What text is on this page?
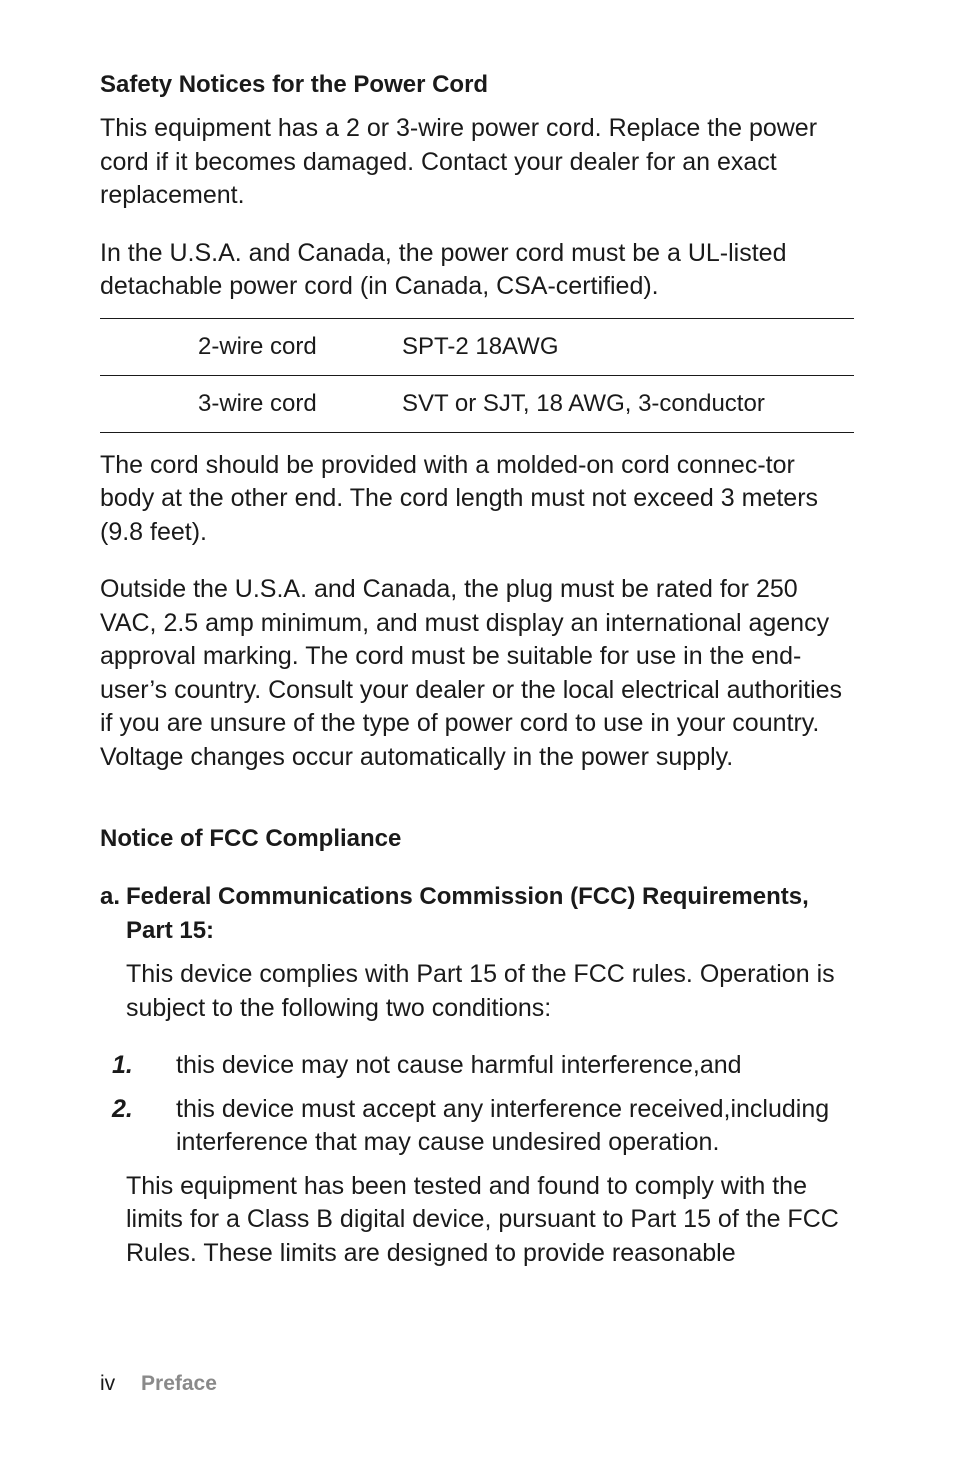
Safety Notices for the Power Cord

This equipment has a 2 or 3-wire power cord. Replace the power cord if it becomes damaged. Contact your dealer for an exact replacement.

In the U.S.A. and Canada, the power cord must be a UL-listed detachable power cord (in Canada, CSA-certified).

2-wire cord	SPT-2 18AWG
3-wire cord	SVT or SJT, 18 AWG, 3-conductor

The cord should be provided with a molded-on cord connec-tor body at the other end. The cord length must not exceed 3 meters (9.8 feet).

Outside the U.S.A. and Canada, the plug must be rated for 250 VAC, 2.5 amp minimum, and must display an international agency approval marking. The cord must be suitable for use in the end-user’s country. Consult your dealer or the local electrical authorities if you are unsure of the type of power cord to use in your country. Voltage changes occur automatically in the power supply.

Notice of FCC Compliance
a. Federal Communications Commission (FCC) Requirements, Part 15:

This device complies with Part 15 of the FCC rules. Operation is subject to the following two conditions:

1.	this device may not cause harmful interference,and
2.	this device must accept any interference received,including interference that may cause undesired operation.

This equipment has been tested and found to comply with the limits for a Class B digital device, pursuant to Part 15 of the FCC Rules. These limits are designed to provide reasonable

iv Preface
